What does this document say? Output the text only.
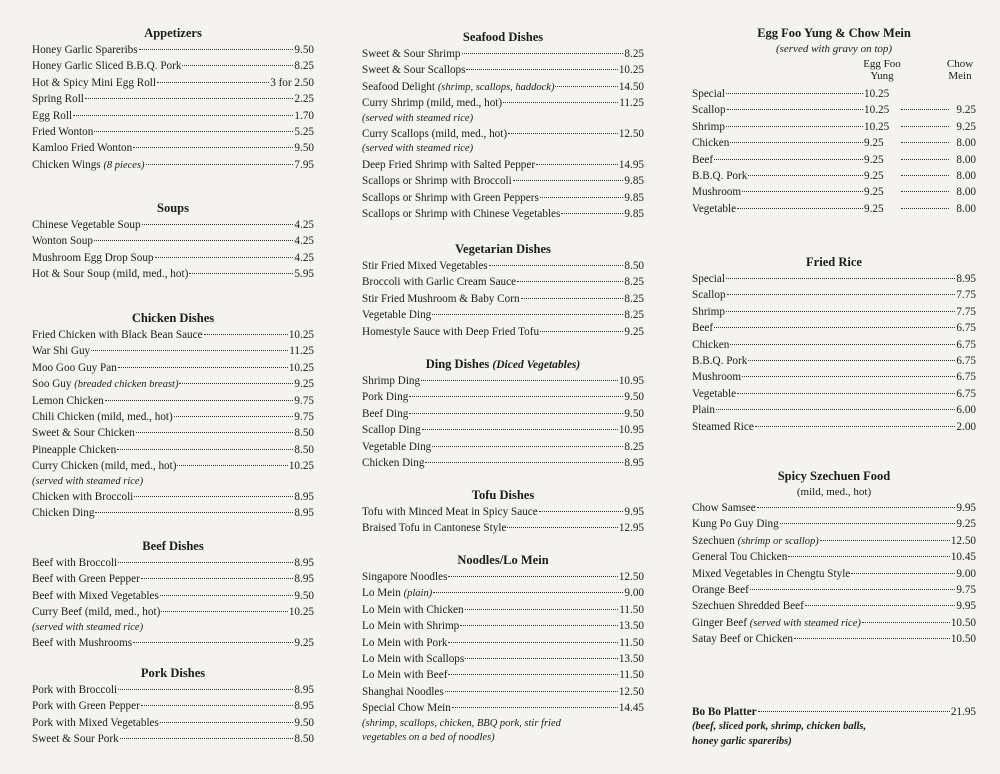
Appetizers
Honey Garlic Spareribs	9.50
Honey Garlic Sliced B.B.Q. Pork	8.25
Hot & Spicy Mini Egg Roll	3 for 2.50
Spring Roll	2.25
Egg Roll	1.70
Fried Wonton	5.25
Kamloo Fried Wonton	9.50
Chicken Wings (8 pieces)	7.95
Soups
Chinese Vegetable Soup	4.25
Wonton Soup	4.25
Mushroom Egg Drop Soup	4.25
Hot & Sour Soup (mild, med., hot)	5.95
Chicken Dishes
Fried Chicken with Black Bean Sauce	10.25
War Shi Guy	11.25
Moo Goo Guy Pan	10.25
Soo Guy (breaded chicken breast)	9.25
Lemon Chicken	9.75
Chili Chicken (mild, med., hot)	9.75
Sweet & Sour Chicken	8.50
Pineapple Chicken	8.50
Curry Chicken (mild, med., hot)	10.25
(served with steamed rice)
Chicken with Broccoli	8.95
Chicken Ding	8.95
Beef Dishes
Beef with Broccoli	8.95
Beef with Green Pepper	8.95
Beef with Mixed Vegetables	9.50
Curry Beef (mild, med., hot)	10.25
(served with steamed rice)
Beef with Mushrooms	9.25
Pork Dishes
Pork with Broccoli	8.95
Pork with Green Pepper	8.95
Pork with Mixed Vegetables	9.50
Sweet & Sour Pork	8.50
Seafood Dishes
Sweet & Sour Shrimp	8.25
Sweet & Sour Scallops	10.25
Seafood Delight (shrimp, scallops, haddock)	14.50
Curry Shrimp (mild, med., hot)	11.25
(served with steamed rice)
Curry Scallops (mild, med., hot)	12.50
(served with steamed rice)
Deep Fried Shrimp with Salted Pepper	14.95
Scallops or Shrimp with Broccoli	9.85
Scallops or Shrimp with Green Peppers	9.85
Scallops or Shrimp with Chinese Vegetables	9.85
Vegetarian Dishes
Stir Fried Mixed Vegetables	8.50
Broccoli with Garlic Cream Sauce	8.25
Stir Fried Mushroom & Baby Corn	8.25
Vegetable Ding	8.25
Homestyle Sauce with Deep Fried Tofu	9.25
Ding Dishes (Diced Vegetables)
Shrimp Ding	10.95
Pork Ding	9.50
Beef Ding	9.50
Scallop Ding	10.95
Vegetable Ding	8.25
Chicken Ding	8.95
Tofu Dishes
Tofu with Minced Meat in Spicy Sauce	9.95
Braised Tofu in Cantonese Style	12.95
Noodles/Lo Mein
Singapore Noodles	12.50
Lo Mein (plain)	9.00
Lo Mein with Chicken	11.50
Lo Mein with Shrimp	13.50
Lo Mein with Pork	11.50
Lo Mein with Scallops	13.50
Lo Mein with Beef	11.50
Shanghai Noodles	12.50
Special Chow Mein	14.45
(shrimp, scallops, chicken, BBQ pork, stir fried
vegetables on a bed of noodles)
Egg Foo Yung & Chow Mein
(served with gravy on top)
Egg Foo
Yung
Chow
Mein
Special	10.25
Scallop	10.25	9.25
Shrimp	10.25	9.25
Chicken	9.25	8.00
Beef	9.25	8.00
B.B.Q. Pork	9.25	8.00
Mushroom	9.25	8.00
Vegetable	9.25	8.00
Fried Rice
Special	8.95
Scallop	7.75
Shrimp	7.75
Beef	6.75
Chicken	6.75
B.B.Q. Pork	6.75
Mushroom	6.75
Vegetable	6.75
Plain	6.00
Steamed Rice	2.00
Spicy Szechuen Food
(mild, med., hot)
Chow Samsee	9.95
Kung Po Guy Ding	9.25
Szechuen (shrimp or scallop)	12.50
General Tou Chicken	10.45
Mixed Vegetables in Chengtu Style	9.00
Orange Beef	9.75
Szechuen Shredded Beef	9.95
Ginger Beef (served with steamed rice)	10.50
Satay Beef or Chicken	10.50
Bo Bo Platter	21.95
(beef, sliced pork, shrimp, chicken balls,
honey garlic spareribs)
